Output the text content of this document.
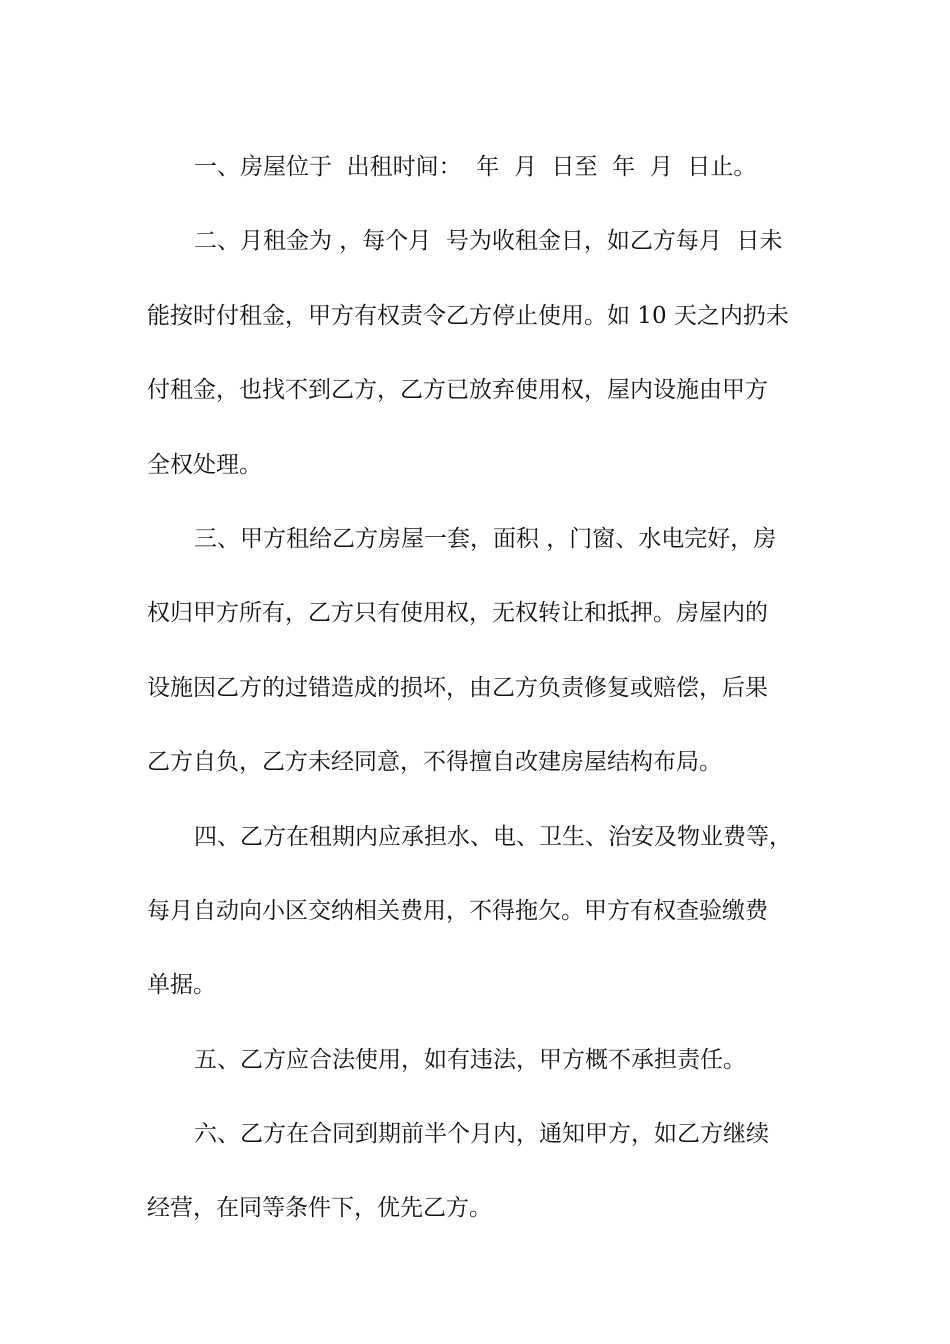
一、房屋位于  出租时间：  年  月  日至  年  月  日止。
二、月租金为 ，每个月  号为收租金日，如乙方每月  日未
能按时付租金，甲方有权责令乙方停止使用。如 10 天之内扔未
付租金，也找不到乙方，乙方已放弃使用权，屋内设施由甲方
全权处理。
三、甲方租给乙方房屋一套，面积 ，门窗、水电完好，房
权归甲方所有，乙方只有使用权，无权转让和抵押。房屋内的
设施因乙方的过错造成的损坏，由乙方负责修复或赔偿，后果
乙方自负，乙方未经同意，不得擅自改建房屋结构布局。
四、乙方在租期内应承担水、电、卫生、治安及物业费等，
每月自动向小区交纳相关费用，不得拖欠。甲方有权查验缴费
单据。
五、乙方应合法使用，如有违法，甲方概不承担责任。
六、乙方在合同到期前半个月内，通知甲方，如乙方继续
经营，在同等条件下，优先乙方。
